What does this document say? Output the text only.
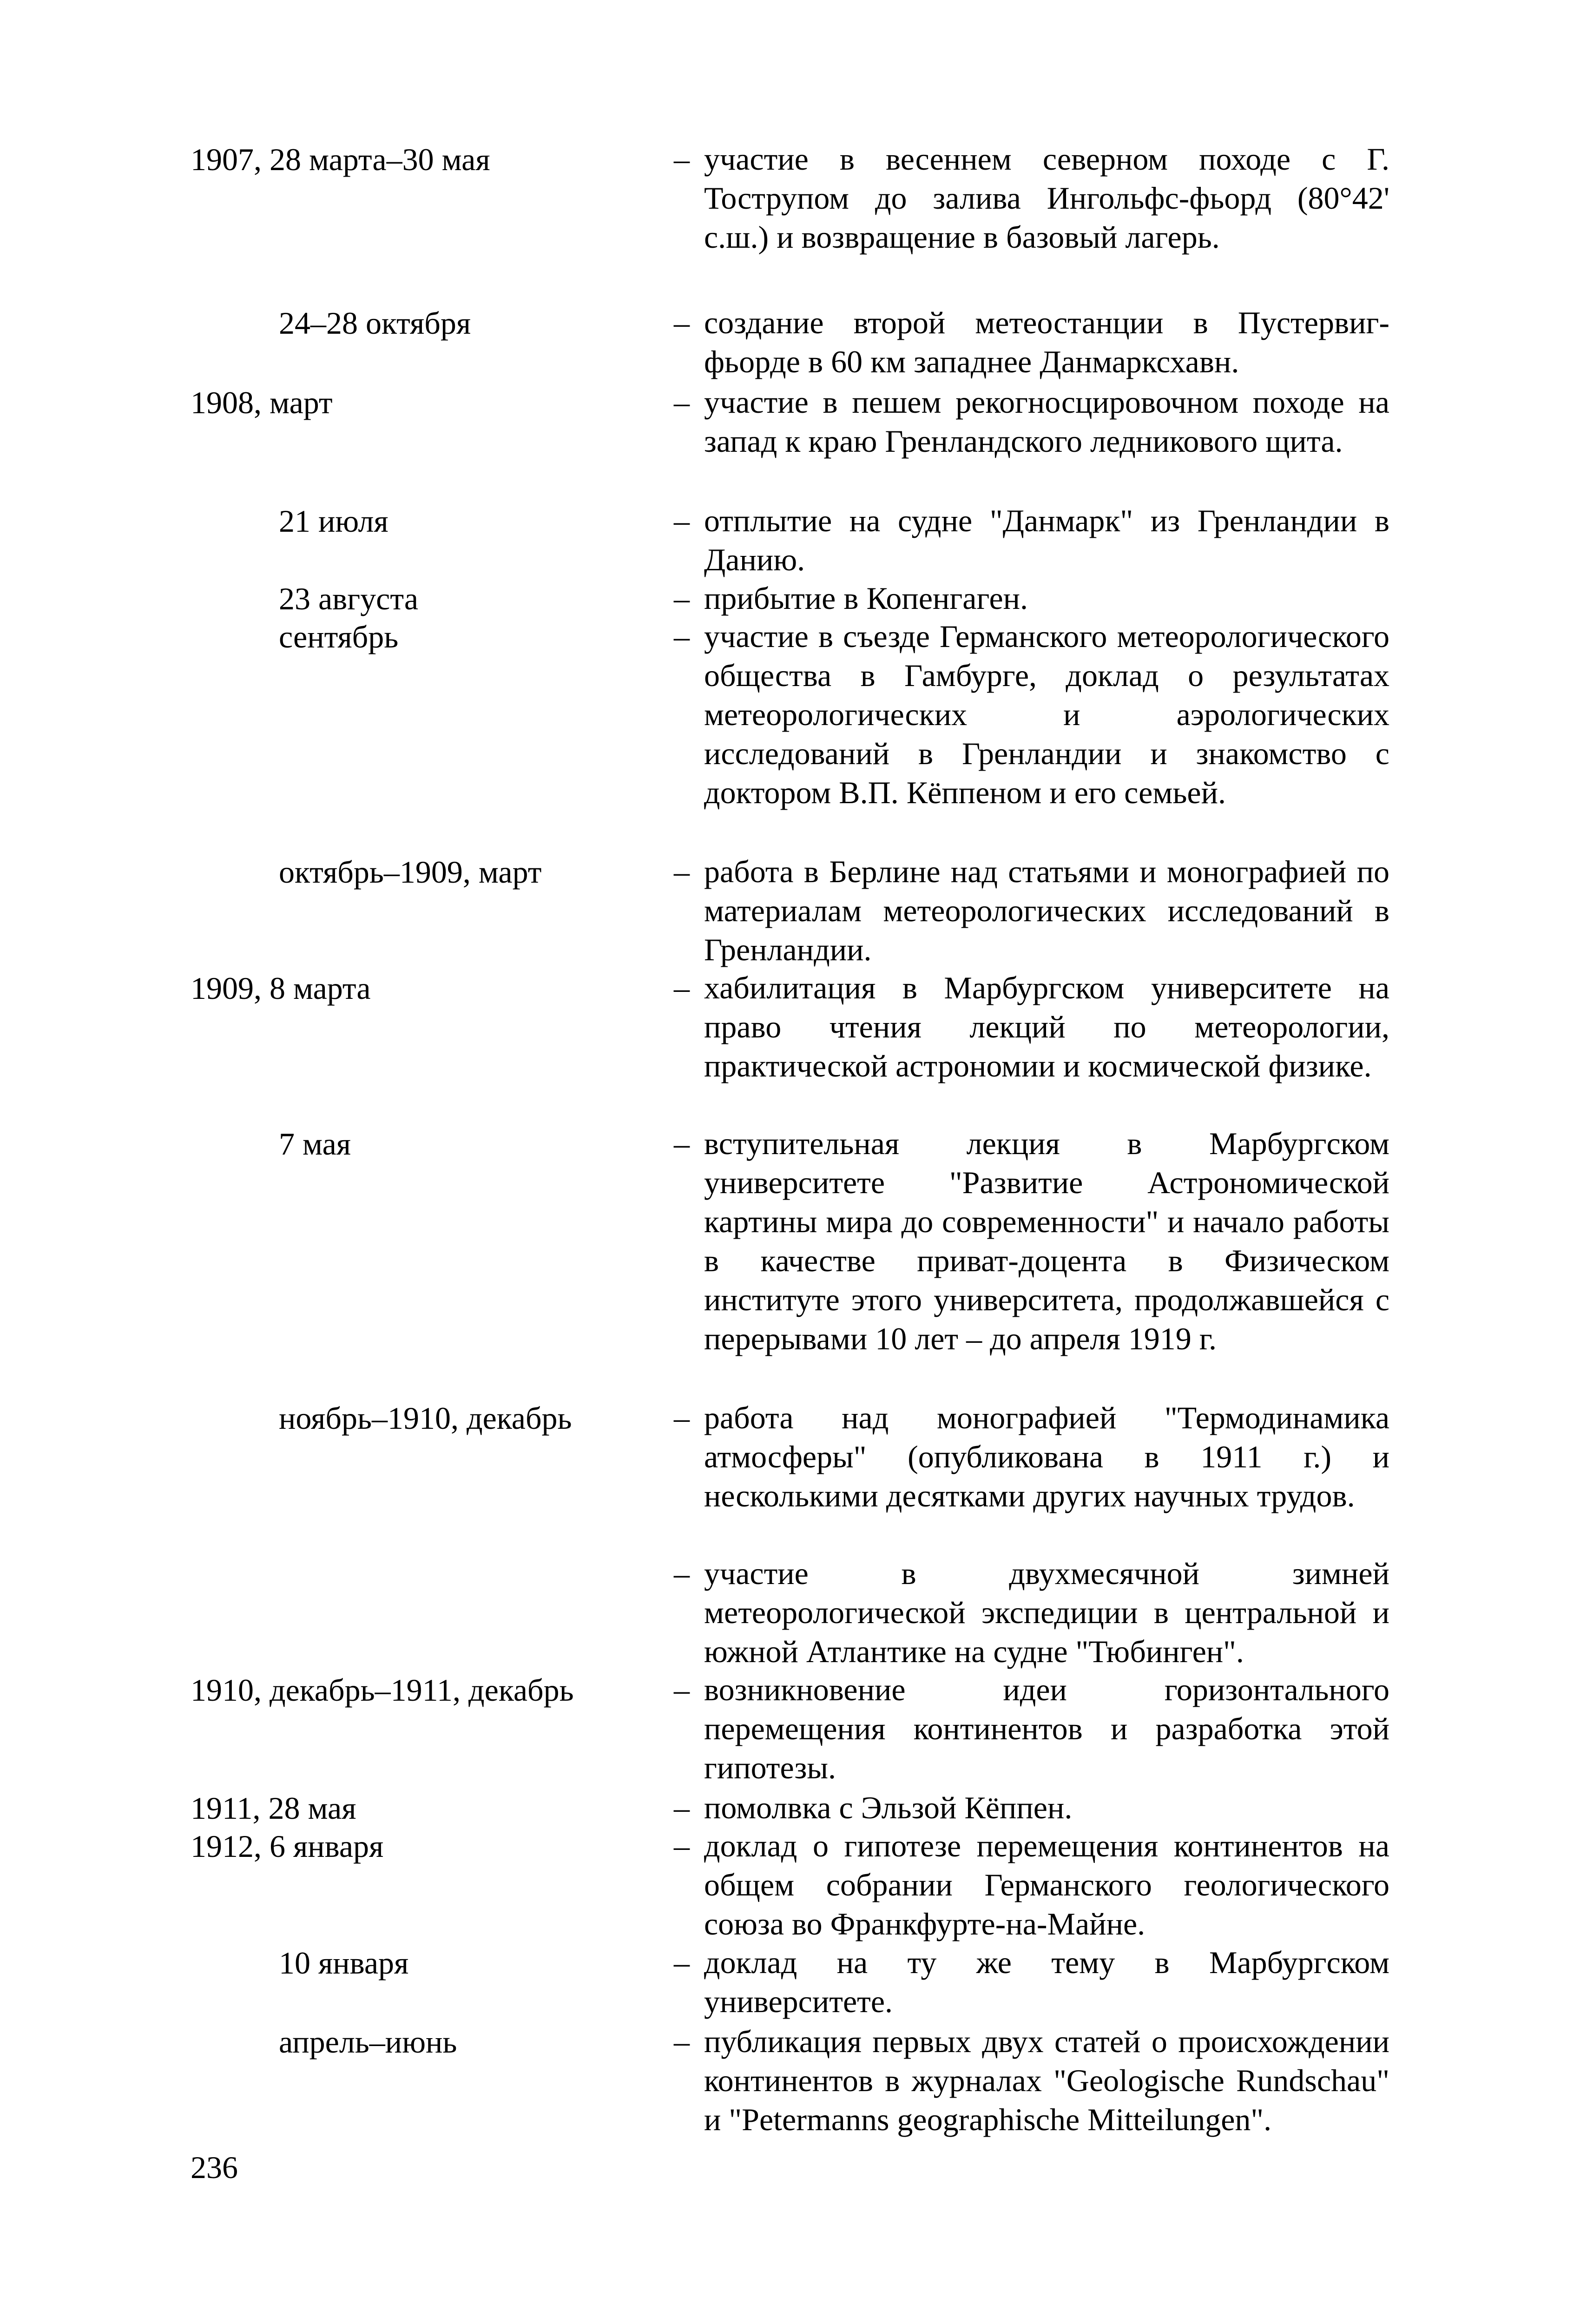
1907, 28 марта–30 мая	– участие в весеннем северном походе с Г. Тострупом до залива Ингольфс-фьорд (80°42' с.ш.) и возвращение в базовый лагерь.
24–28 октября	– создание второй метеостанции в Пустервиг-фьорде в 60 км западнее Данмарксхавн.
1908, март	– участие в пешем рекогносцировочном походе на запад к краю Гренландского ледникового щита.
21 июля	– отплытие на судне "Данмарк" из Гренландии в Данию.
23 августа	– прибытие в Копенгаген.
сентябрь	– участие в съезде Германского метеорологического общества в Гамбурге, доклад о результатах метеорологических и аэрологических исследований в Гренландии и знакомство с доктором В.П. Кёппеном и его семьей.
октябрь–1909, март	– работа в Берлине над статьями и монографией по материалам метеорологических исследований в Гренландии.
1909, 8 марта	– хабилитация в Марбургском университете на право чтения лекций по метеорологии, практической астрономии и космической физике.
7 мая	– вступительная лекция в Марбургском университете "Развитие Астрономической картины мира до современности" и начало работы в качестве приват-доцента в Физическом институте этого университета, продолжавшейся с перерывами 10 лет – до апреля 1919 г.
ноябрь–1910, декабрь	– работа над монографией "Термодинамика атмосферы" (опубликована в 1911 г.) и несколькими десятками других научных трудов.
– участие в двухмесячной зимней метеорологической экспедиции в центральной и южной Атлантике на судне "Тюбинген".
1910, декабрь–1911, декабрь	– возникновение идеи горизонтального перемещения континентов и разработка этой гипотезы.
1911, 28 мая	– помолвка с Эльзой Кёппен.
1912, 6 января	– доклад о гипотезе перемещения континентов на общем собрании Германского геологического союза во Франкфурте-на-Майне.
10 января	– доклад на ту же тему в Марбургском университете.
апрель–июнь	– публикация первых двух статей о происхождении континентов в журналах "Geologische Rundschau" и "Petermanns geographische Mitteilungen".
236
